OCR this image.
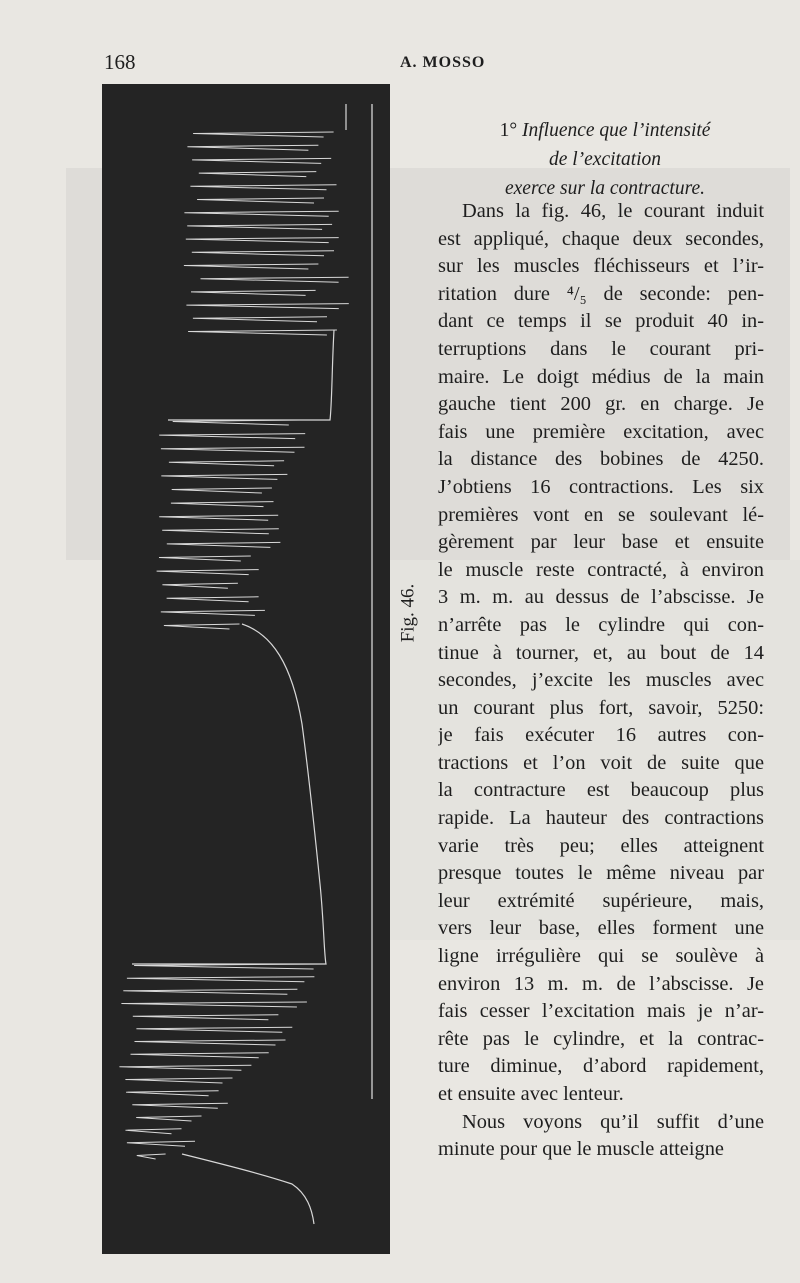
168	A. MOSSO
Fig. 46.
1° Influence que l’intensité
de l’excitation
exerce sur la contracture.
Dans la fig. 46, le courant induit
est appliqué, chaque deux secondes,
sur les muscles fléchisseurs et l’ir-
ritation dure ⁴/₅ de seconde: pen-
dant ce temps il se produit 40 in-
terruptions dans le courant pri-
maire. Le doigt médius de la main
gauche tient 200 gr. en charge. Je
fais une première excitation, avec
la distance des bobines de 4250.
J’obtiens 16 contractions. Les six
premières vont en se soulevant lé-
gèrement par leur base et ensuite
le muscle reste contracté, à environ
3 m. m. au dessus de l’abscisse. Je
n’arrête pas le cylindre qui con-
tinue à tourner, et, au bout de 14
secondes, j’excite les muscles avec
un courant plus fort, savoir, 5250:
je fais exécuter 16 autres con-
tractions et l’on voit de suite que
la contracture est beaucoup plus
rapide. La hauteur des contractions
varie très peu; elles atteignent
presque toutes le même niveau par
leur extrémité supérieure, mais,
vers leur base, elles forment une
ligne irrégulière qui se soulève à
environ 13 m. m. de l’abscisse. Je
fais cesser l’excitation mais je n’ar-
rête pas le cylindre, et la contrac-
ture diminue, d’abord rapidement,
et ensuite avec lenteur.
Nous voyons qu’il suffit d’une
minute pour que le muscle atteigne
